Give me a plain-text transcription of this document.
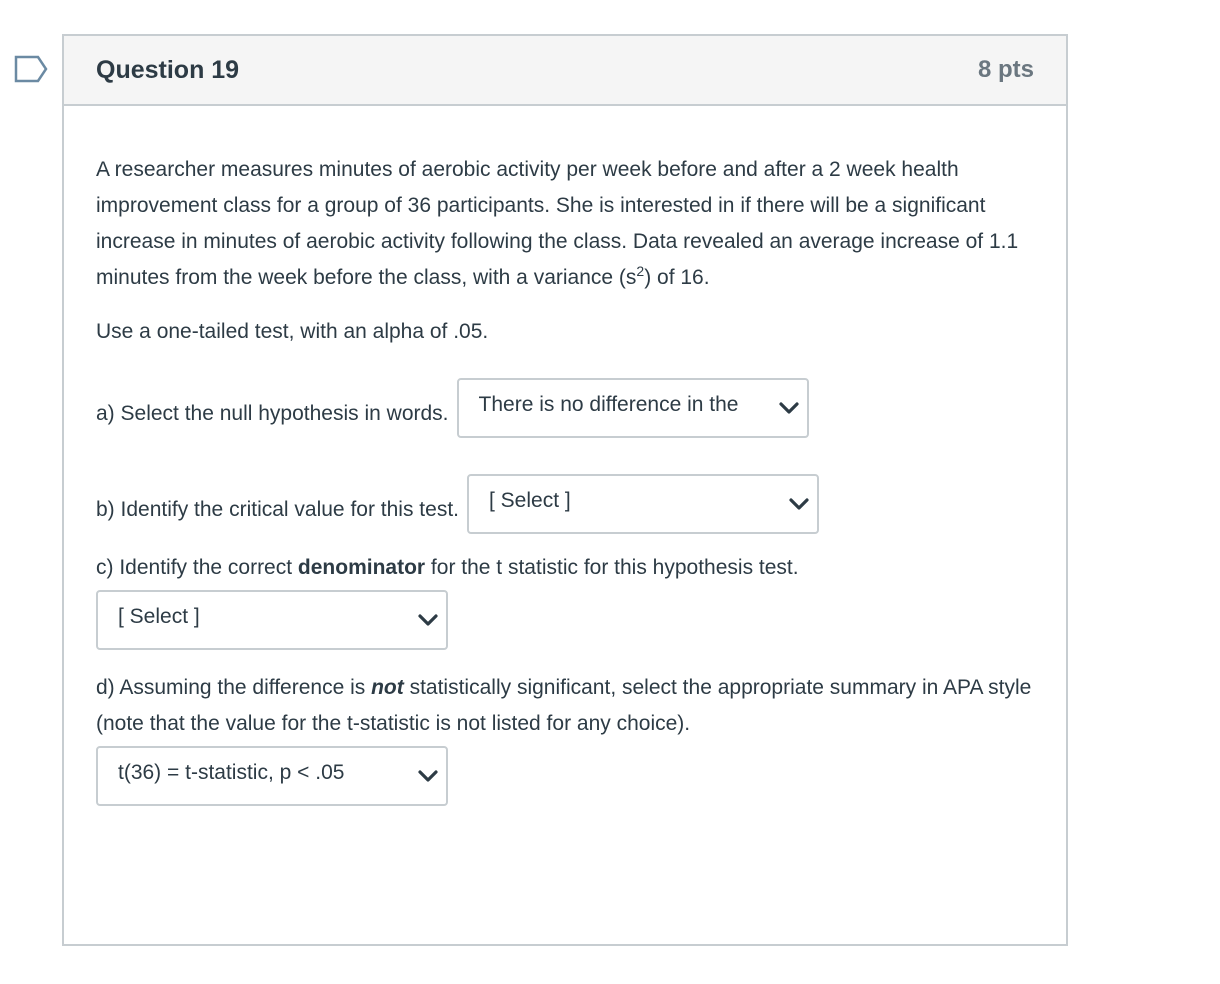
Question 19	8 pts

A researcher measures minutes of aerobic activity per week before and after a 2 week health improvement class for a group of 36 participants. She is interested in if there will be a significant increase in minutes of aerobic activity following the class. Data revealed an average increase of 1.1 minutes from the week before the class, with a variance $(s^2)$ of 16.

Use a one-tailed test, with an alpha of .05.

a) Select the null hypothesis in words. There is no difference in the
b) Identify the critical value for this test. [ Select ]

c) Identify the correct denominator for the t statistic for this hypothesis test.

[ Select ]

d) Assuming the difference is not statistically significant, select the appropriate summary in APA style (note that the value for the t-statistic is not listed for any choice).

t(36) = t-statistic, p < .05
